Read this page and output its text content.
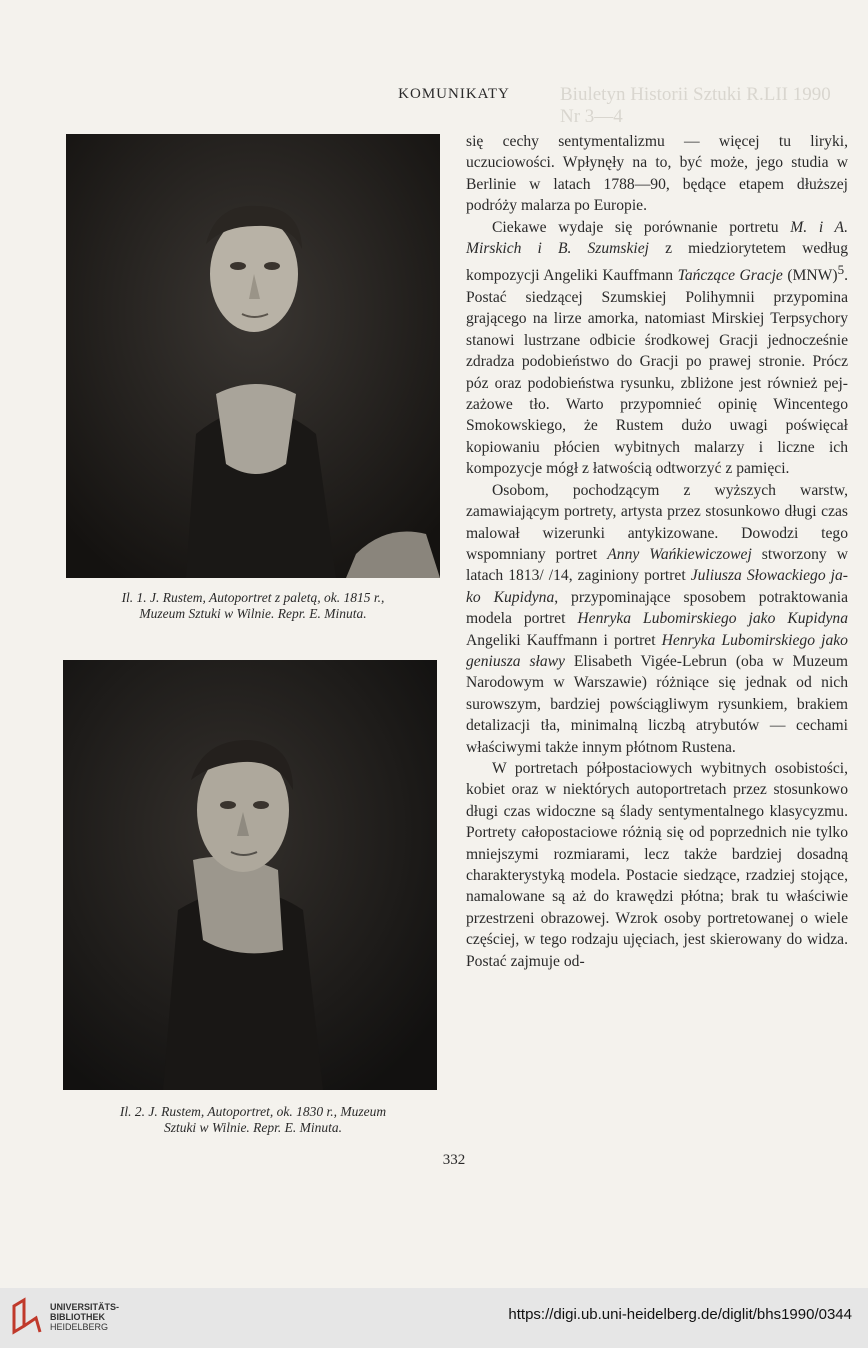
Biuletyn Historii Sztuki R.LII 1990 Nr 3—4
KOMUNIKATY
Il. 1. J. Rustem, Autoportret z paletą, ok. 1815 r.,
Muzeum Sztuki w Wilnie. Repr. E. Minuta.
Il. 2. J. Rustem, Autoportret, ok. 1830 r., Muzeum
Sztuki w Wilnie. Repr. E. Minuta.

się cechy sentymentalizmu — więcej tu liryki, uczuciowości. Wpłynęły na to, być może, jego studia w Berlinie w latach 1788—90, będące etapem dłuższej podróży malarza po Europie.

Ciekawe wydaje się porównanie portretu M. i A. Mirskich i B. Szumskiej z miedziorytetem według kompozycji Angeliki Kauffmann Tańczące Gracje (MNW)$^5$. Postać siedzącej Szumskiej Polihymnii przypomina grającego na lirze amorka, natomiast Mirskiej Terpsychory stanowi lustrzane odbicie środkowej Gracji jednocześnie zdradza podobieństwo do Gracji po prawej stronie. Prócz póz oraz podobieństwa rysunku, zbliżone jest również pejzażowe tło. Warto przypomnieć opinię Wincentego Smokowskiego, że Rustem dużo uwagi poświęcał kopiowaniu płócien wybitnych malarzy i liczne ich kompozycje mógł z łatwością odtworzyć z pamięci.

Osobom, pochodzącym z wyższych warstw, zamawiającym portrety, artysta przez stosunkowo długi czas malował wizerunki antykizowane. Dowodzi tego wspomniany portret Anny Wańkiewiczowej stworzony w latach 1813/ /14, zaginiony portret Juliusza Słowackiego jako Kupidyna, przypominające sposobem potraktowania modela portret Henryka Lubomirskiego jako Kupidyna Angeliki Kauffmann i portret Henryka Lubomirskiego jako geniusza sławy Elisabeth Vigée-Lebrun (oba w Muzeum Narodowym w Warszawie) różniące się jednak od nich surowszym, bardziej powściągliwym rysunkiem, brakiem detalizacji tła, minimalną liczbą atrybutów — cechami właściwymi także innym płótnom Rustena.

W portretach półpostaciowych wybitnych osobistości, kobiet oraz w niektórych autoportretach przez stosunkowo długi czas widoczne są ślady sentymentalnego klasycyzmu. Portrety całopostaciowe różnią się od poprzednich nie tylko mniejszymi rozmiarami, lecz także bardziej dosadną charakterystyką modela. Postacie siedzące, rzadziej stojące, namalowane są aż do krawędzi płótna; brak tu właściwie przestrzeni obrazowej. Wzrok osoby portretowanej o wiele częściej, w tego rodzaju ujęciach, jest skierowany do widza. Postać zajmuje od-

332
UNIVERSITÄTS-
BIBLIOTHEK
HEIDELBERG
https://digi.ub.uni-heidelberg.de/diglit/bhs1990/0344
